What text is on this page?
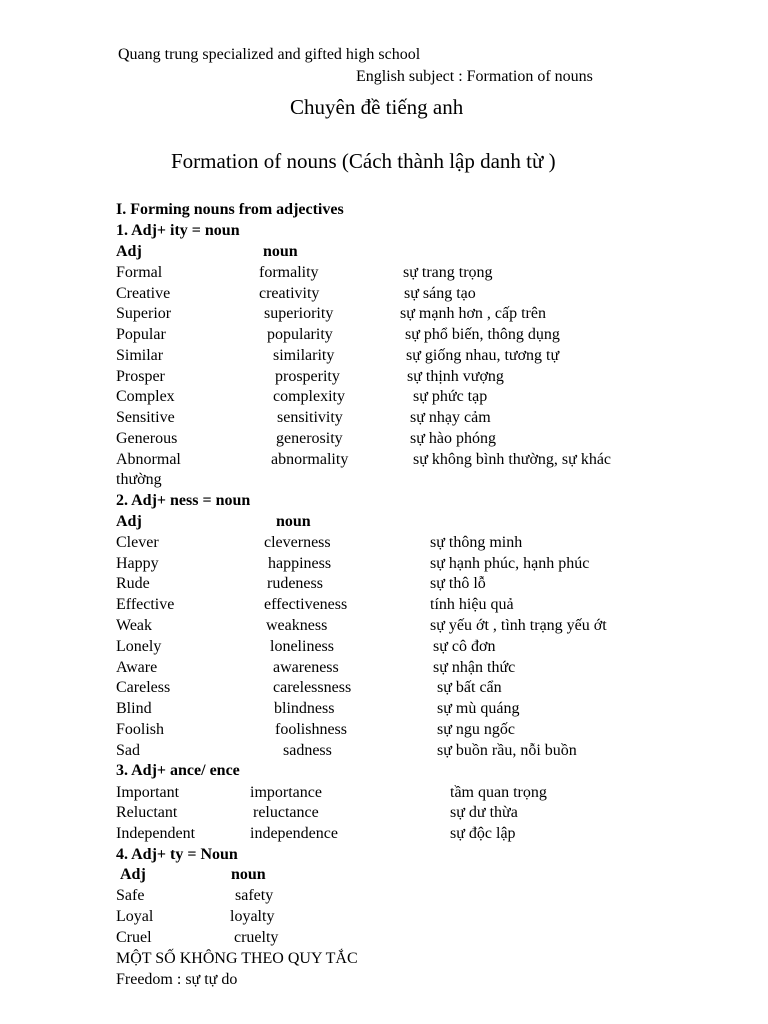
Quang trung specialized and gifted high school
English subject : Formation of nouns
Chuyên đề tiếng anh
Formation of nouns (Cách thành lập danh từ )
I. Forming nouns from adjectives
1. Adj+ ity = noun
Adj	noun
Formal	formality	sự trang trọng
Creative	creativity	sự sáng tạo
Superior	superiority	sự mạnh hơn , cấp trên
Popular	popularity	sự phổ biến, thông dụng
Similar	similarity	sự giống nhau, tương tự
Prosper	prosperity	sự thịnh vượng
Complex	complexity	sự phức tạp
Sensitive	sensitivity	sự nhạy cảm
Generous	generosity	sự hào phóng
Abnormal	abnormality	sự không bình thường, sự khác
thường
2. Adj+ ness = noun
Adj	noun
Clever	cleverness	sự thông minh
Happy	happiness	sự hạnh phúc, hạnh phúc
Rude	rudeness	sự thô lỗ
Effective	effectiveness	tính hiệu quả
Weak	weakness	sự yếu ớt , tình trạng yếu ớt
Lonely	loneliness	sự cô đơn
Aware	awareness	sự nhận thức
Careless	carelessness	sự bất cẩn
Blind	blindness	sự mù quáng
Foolish	foolishness	sự ngu ngốc
Sad	sadness	sự buồn rầu, nỗi buồn
3. Adj+ ance/ ence
Important	importance	tầm quan trọng
Reluctant	reluctance	sự dư thừa
Independent	independence	sự độc lập
4. Adj+ ty = Noun
Adj	noun
Safe	safety
Loyal	loyalty
Cruel	cruelty
MỘT SỐ KHÔNG THEO QUY TẮC
Freedom : sự tự do
